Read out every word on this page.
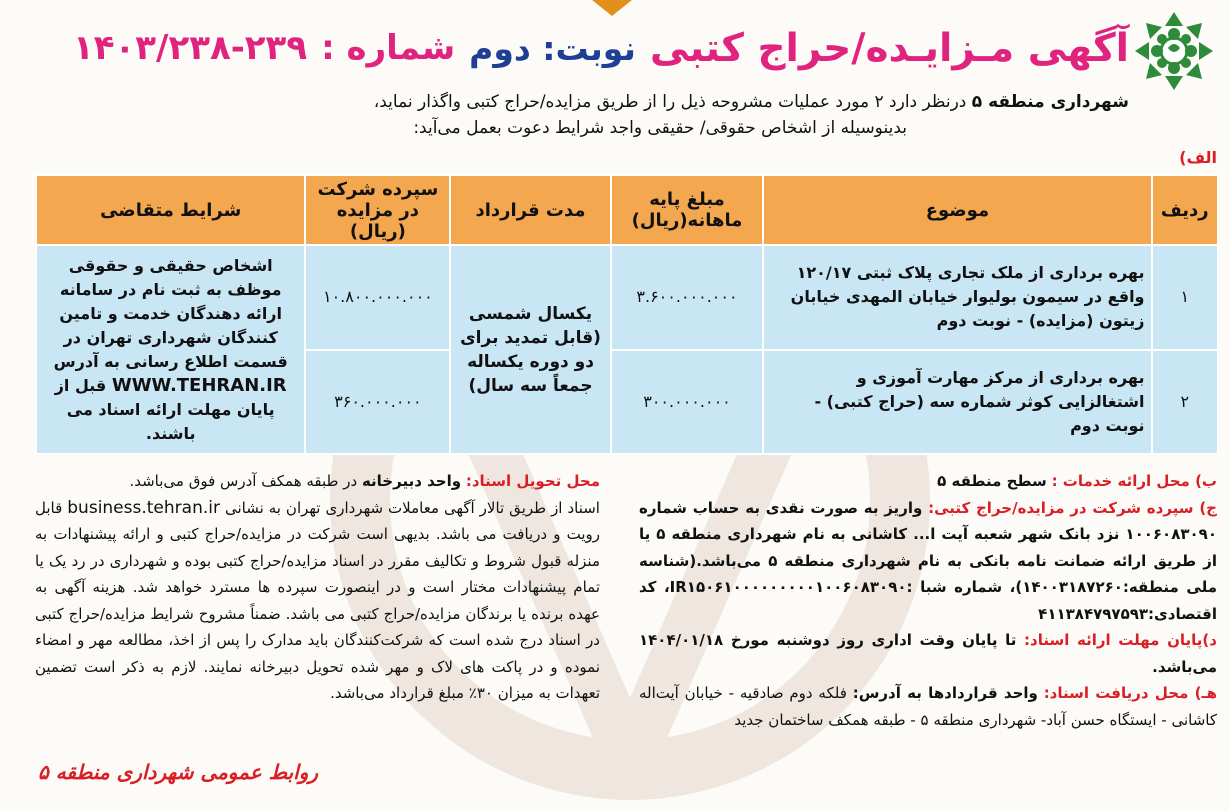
آگهی مـزایـده/حراج کتبی
نوبت: دوم
شماره :
۱۴۰۳/۲۳۸-۲۳۹
شهرداری منطقه ۵ درنظر دارد ۲ مورد عملیات مشروحه ذیل را از طریق مزایده/حراج کتبی واگذار نماید،
بدینوسیله از اشخاص حقوقی/ حقیقی واجد شرایط دعوت بعمل می‌آید:
الف)
ردیف	موضوع	مبلغ پایه ماهانه(ریال)	مدت قرارداد	سپرده شرکت در مزایده (ریال)	شرایط متقاضی
۱	بهره برداری از ملک تجاری پلاک ثبتی ۱۲۰/۱۷ واقع در سیمون بولیوار خیابان المهدی خیابان زیتون (مزایده) - نوبت دوم	۳.۶۰۰.۰۰۰.۰۰۰	یکسال شمسی (قابل تمدید برای دو دوره یکساله جمعاً سه سال)	۱۰.۸۰۰.۰۰۰.۰۰۰	اشخاص حقیقی و حقوقی موظف به ثبت نام در سامانه ارائه دهندگان خدمت و تامین کنندگان شهرداری تهران در قسمت اطلاع رسانی به آدرس WWW.TEHRAN.IR قبل از پایان مهلت ارائه اسناد می باشند.
۲	بهره برداری از مرکز مهارت آموزی و اشتغالزایی کوثر شماره سه (حراج کتبی) - نوبت دوم	۳۰۰.۰۰۰.۰۰۰		۳۶۰.۰۰۰.۰۰۰	
محل تحویل اسناد: واحد دبیرخانه در طبقه همکف آدرس فوق می‌باشد.
اسناد از طریق تالار آگهی معاملات شهرداری تهران به نشانی business.tehran.ir قابل رویت و دریافت می باشد. بدیهی است شرکت در مزایده/حراج کتبی و ارائه پیشنهادات به منزله قبول شروط و تکالیف مقرر در اسناد مزایده/حراج کتبی بوده و شهرداری در رد یک یا تمام پیشنهادات مختار است و در اینصورت سپرده ها مسترد خواهد شد. هزینه آگهی به عهده برنده یا برندگان مزایده/حراج کتبی می باشد. ضمناً مشروح شرایط مزایده/حراج کتبی در اسناد درج شده است که شرکت‌کنندگان باید مدارک را پس از اخذ، مطالعه مهر و امضاء نموده و در پاکت های لاک و مهر شده تحویل دبیرخانه نمایند. لازم به ذکر است تضمین تعهدات به میزان ۳۰٪ مبلغ قرارداد می‌باشد.
ب) محل ارائه خدمات : سطح منطقه ۵
ج) سپرده شرکت در مزایده/حراج کتبی: واریز به صورت نقدی به حساب شماره ۱۰۰۶۰۸۳۰۹۰ نزد بانک شهر شعبه آیت ا... کاشانی به نام شهرداری منطقه ۵ یا از طریق ارائه ضمانت نامه بانکی به نام شهرداری منطقه ۵ می‌باشد.(شناسه ملی منطقه:۱۴۰۰۳۱۸۷۲۶۰)، شماره شبا :IR۱۵۰۶۱۰۰۰۰۰۰۰۰۰۱۰۰۶۰۸۳۰۹۰، کد اقتصادی:۴۱۱۳۸۴۷۹۷۵۹۳
د)پایان مهلت ارائه اسناد: تا پایان وقت اداری روز دوشنبه مورخ ۱۴۰۴/۰۱/۱۸ می‌باشد.
هـ) محل دریافت اسناد: واحد قراردادها به آدرس: فلکه دوم صادقیه - خیابان آیت‌اله کاشانی - ایستگاه حسن آباد- شهرداری منطقه ۵ - طبقه همکف ساختمان جدید
روابط عمومی شهرداری منطقه ۵
